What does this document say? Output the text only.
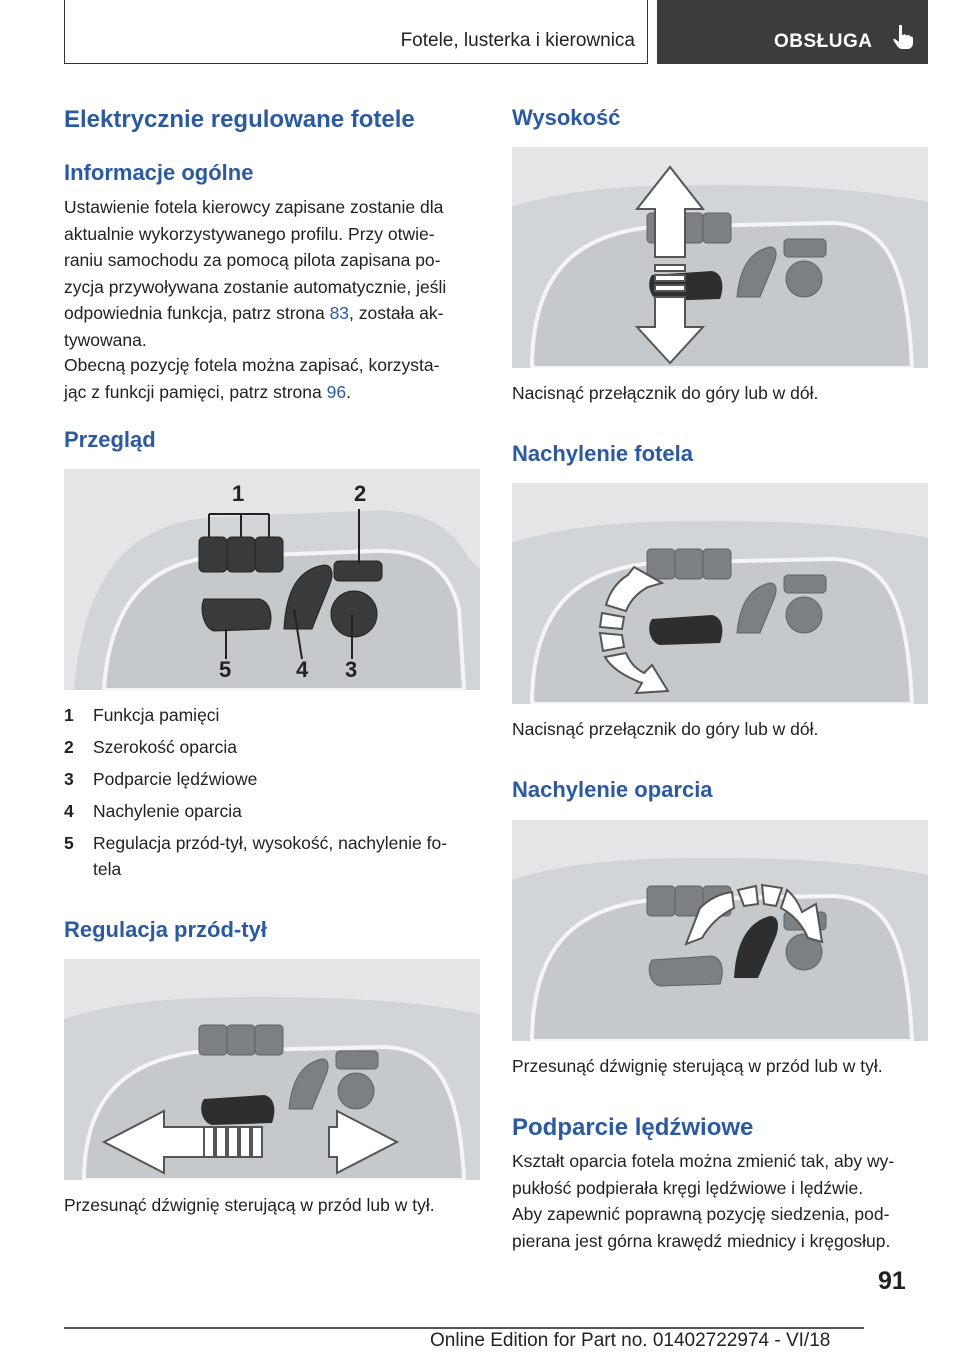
Fotele, lusterka i kierownica	OBSŁUGA
Elektrycznie regulowane fotele
Informacje ogólne

Ustawienie fotela kierowcy zapisane zostanie dla
aktualnie wykorzystywanego profilu. Przy otwie-
raniu samochodu za pomocą pilota zapisana po-
zycja przywoływana zostanie automatycznie, jeśli
odpowiednia funkcja, patrz strona 83, została ak-
tywowana.

Obecną pozycję fotela można zapisać, korzysta-
jąc z funkcji pamięci, patrz strona 96.

Przegląd
1	2
5	4 3
1	Funkcja pamięci
2	Szerokość oparcia
3	Podparcie lędźwiowe
4	Nachylenie oparcia
5	Regulacja przód-tył, wysokość, nachylenie fo-
tela
Regulacja przód-tył

Przesunąć dźwignię sterującą w przód lub w tył.

Wysokość

Nacisnąć przełącznik do góry lub w dół.

Nachylenie fotela

Nacisnąć przełącznik do góry lub w dół.

Nachylenie oparcia

Przesunąć dźwignię sterującą w przód lub w tył.

Podparcie lędźwiowe

Kształt oparcia fotela można zmienić tak, aby wy-
pukłość podpierała kręgi lędźwiowe i lędźwie.
Aby zapewnić poprawną pozycję siedzenia, pod-
pierana jest górna krawędź miednicy i kręgosłup.

91
Online Edition for Part no. 01402722974 - VI/18
